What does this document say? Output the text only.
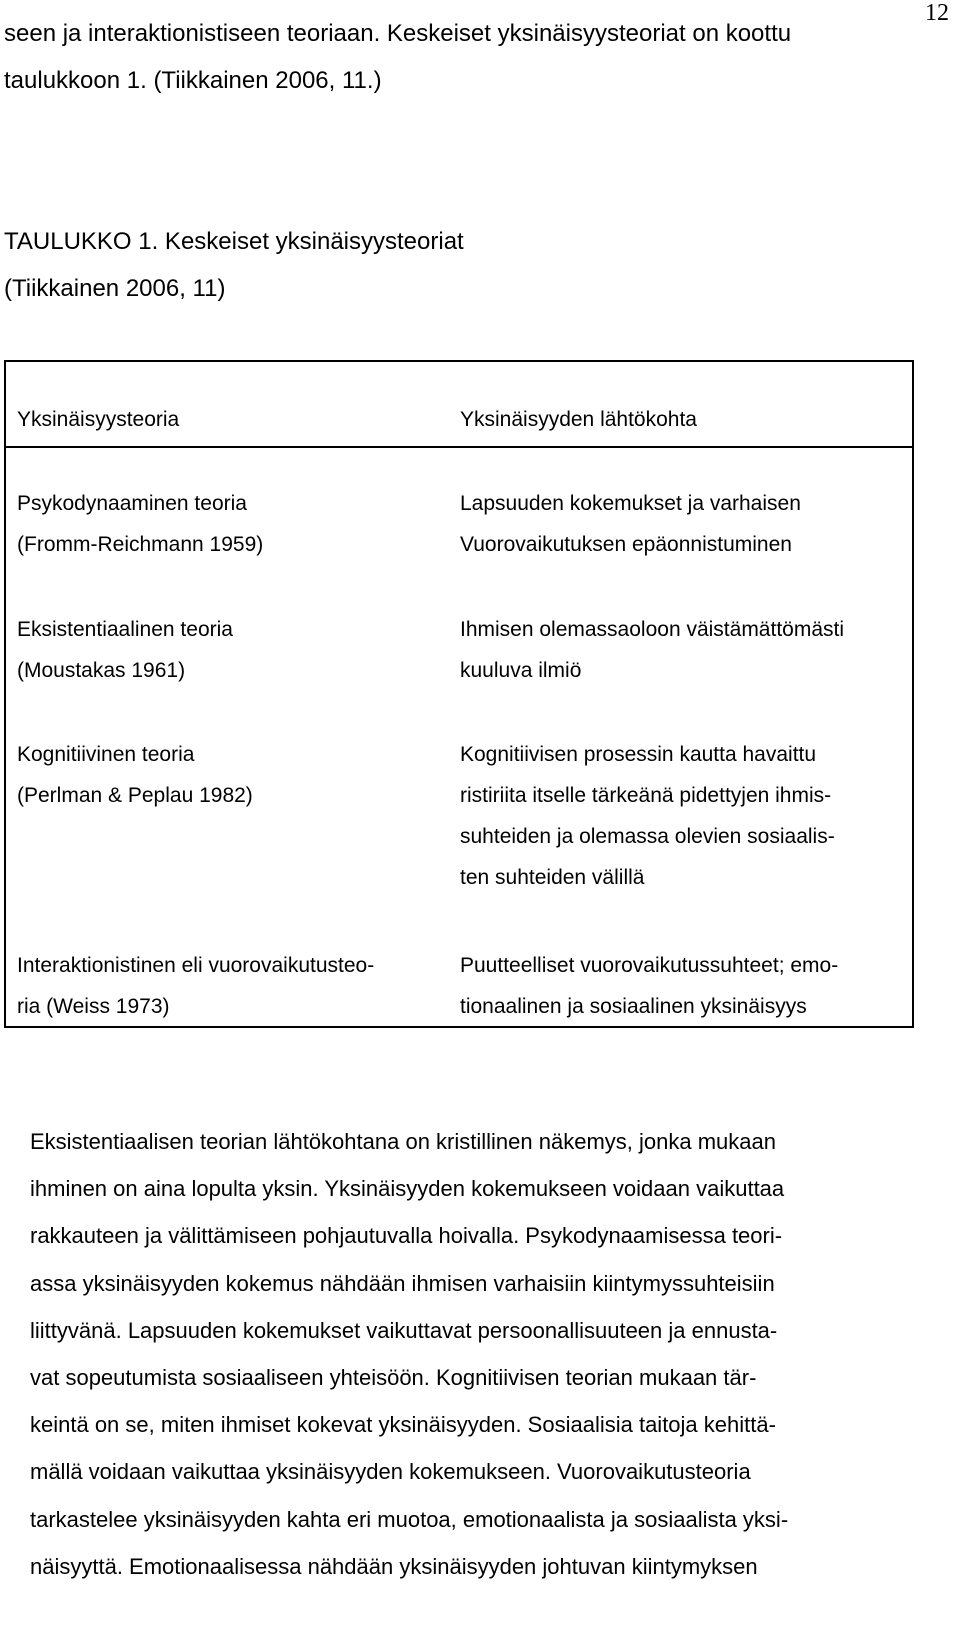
12

seen ja interaktionistiseen teoriaan. Keskeiset yksinäisyysteoriat on koottu
taulukkoon 1. (Tiikkainen 2006, 11.)

TAULUKKO 1. Keskeiset yksinäisyysteoriat
(Tiikkainen 2006, 11)

Yksinäisyysteoria	Yksinäisyyden lähtökohta
Psykodynaaminen teoria
(Fromm-Reichmann 1959)
Lapsuuden kokemukset ja varhaisen
Vuorovaikutuksen epäonnistuminen
Eksistentiaalinen teoria
(Moustakas 1961)
Ihmisen olemassaoloon väistämättömästi
kuuluva ilmiö
Kognitiivinen teoria
(Perlman & Peplau 1982)
Kognitiivisen prosessin kautta havaittu
ristiriita itselle tärkeänä pidettyjen ihmis-
suhteiden ja olemassa olevien sosiaalis-
ten suhteiden välillä
Interaktionistinen eli vuorovaikutusteo-
ria (Weiss 1973)
Puutteelliset vuorovaikutussuhteet; emo-
tionaalinen ja sosiaalinen yksinäisyys

Eksistentiaalisen teorian lähtökohtana on kristillinen näkemys, jonka mukaan
ihminen on aina lopulta yksin. Yksinäisyyden kokemukseen voidaan vaikuttaa
rakkauteen ja välittämiseen pohjautuvalla hoivalla. Psykodynaamisessa teori-
assa yksinäisyyden kokemus nähdään ihmisen varhaisiin kiintymyssuhteisiin
liittyvänä. Lapsuuden kokemukset vaikuttavat persoonallisuuteen ja ennusta-
vat sopeutumista sosiaaliseen yhteisöön. Kognitiivisen teorian mukaan tär-
keintä on se, miten ihmiset kokevat yksinäisyyden. Sosiaalisia taitoja kehittä-
mällä voidaan vaikuttaa yksinäisyyden kokemukseen. Vuorovaikutusteoria
tarkastelee yksinäisyyden kahta eri muotoa, emotionaalista ja sosiaalista yksi-
näisyyttä. Emotionaalisessa nähdään yksinäisyyden johtuvan kiintymyksen
